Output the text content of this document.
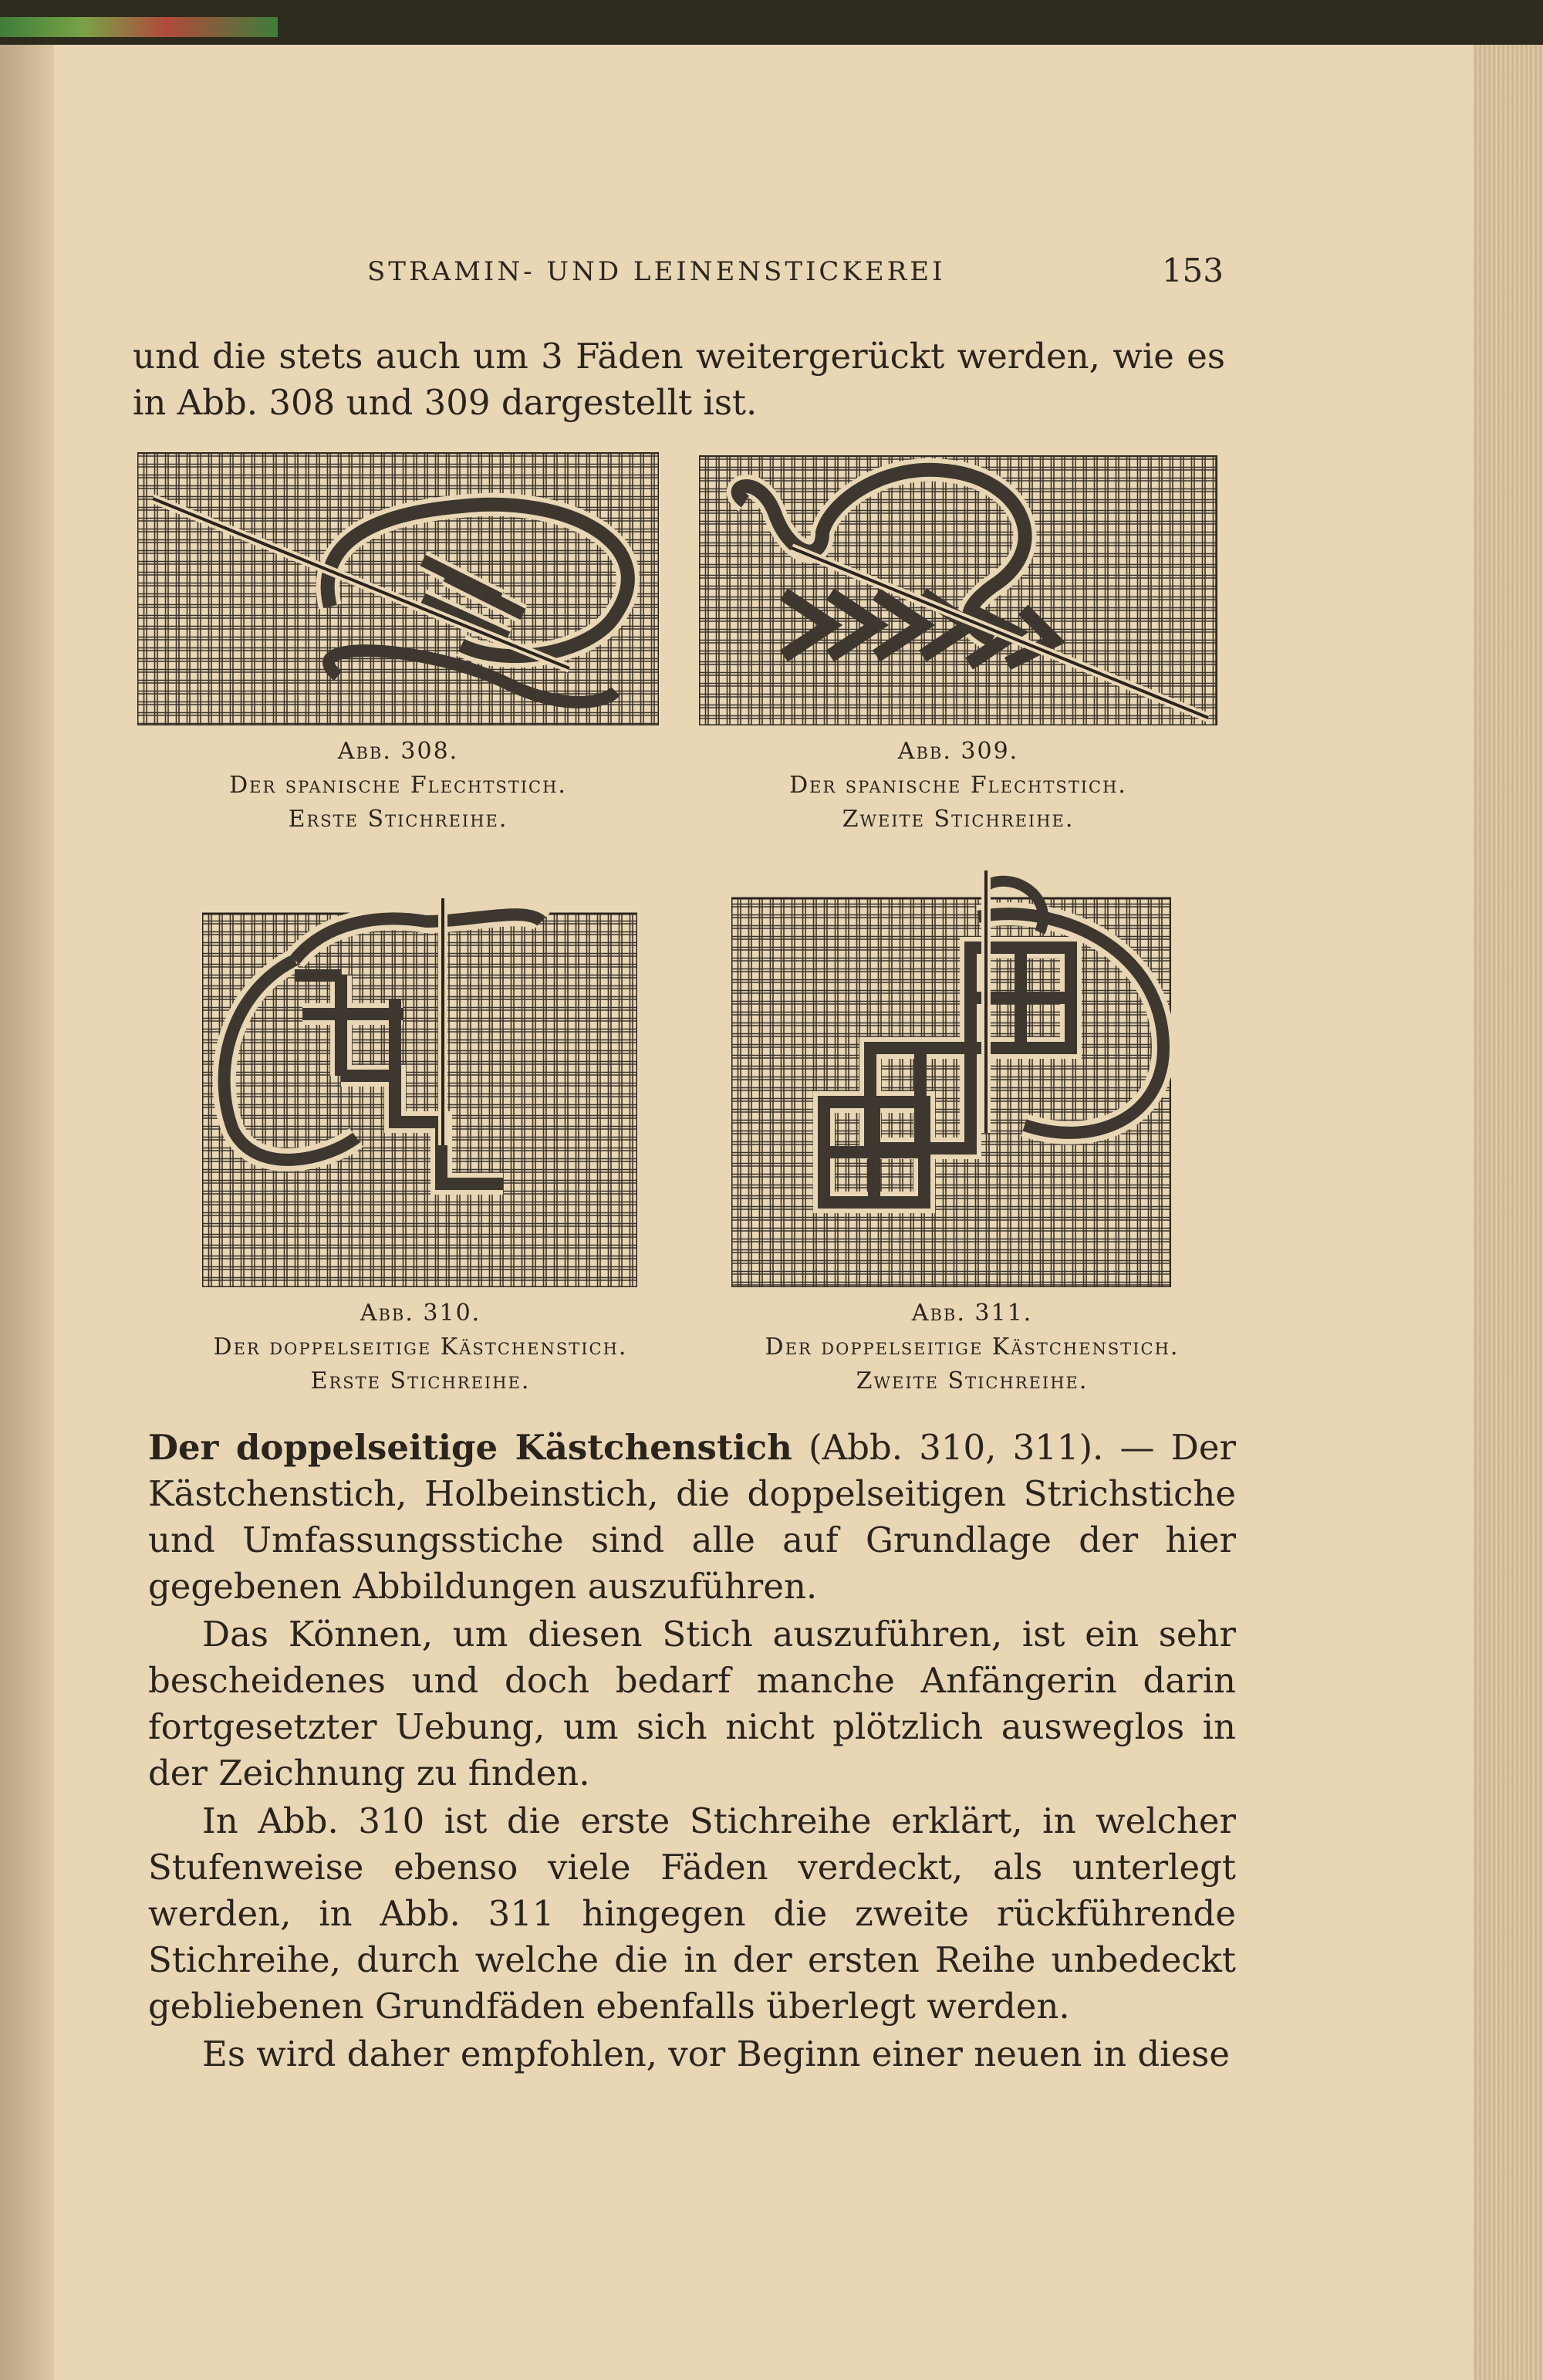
STRAMIN- UND LEINENSTICKEREI	153

und die stets auch um 3 Fäden weitergerückt werden, wie es in Abb. 308 und 309 dargestellt ist.

Abb. 308.
Der spanische Flechtstich.
Erste Stichreihe.
Abb. 309.
Der spanische Flechtstich.
Zweite Stichreihe.
Abb. 310.
Der doppelseitige Kästchenstich.
Erste Stichreihe.
Abb. 311.
Der doppelseitige Kästchenstich.
Zweite Stichreihe.

Der doppelseitige Kästchenstich (Abb. 310, 311). — Der Kästchenstich, Holbeinstich, die doppelseitigen Strichstiche und Umfassungsstiche sind alle auf Grundlage der hier gegebenen Abbildungen auszuführen.

Das Können, um diesen Stich auszuführen, ist ein sehr bescheidenes und doch bedarf manche Anfängerin darin fortgesetzter Uebung, um sich nicht plötzlich ausweglos in der Zeichnung zu finden.

In Abb. 310 ist die erste Stichreihe erklärt, in welcher Stufenweise ebenso viele Fäden verdeckt, als unterlegt werden, in Abb. 311 hingegen die zweite rückführende Stichreihe, durch welche die in der ersten Reihe unbedeckt gebliebenen Grundfäden ebenfalls überlegt werden.

Es wird daher empfohlen, vor Beginn einer neuen in diese
